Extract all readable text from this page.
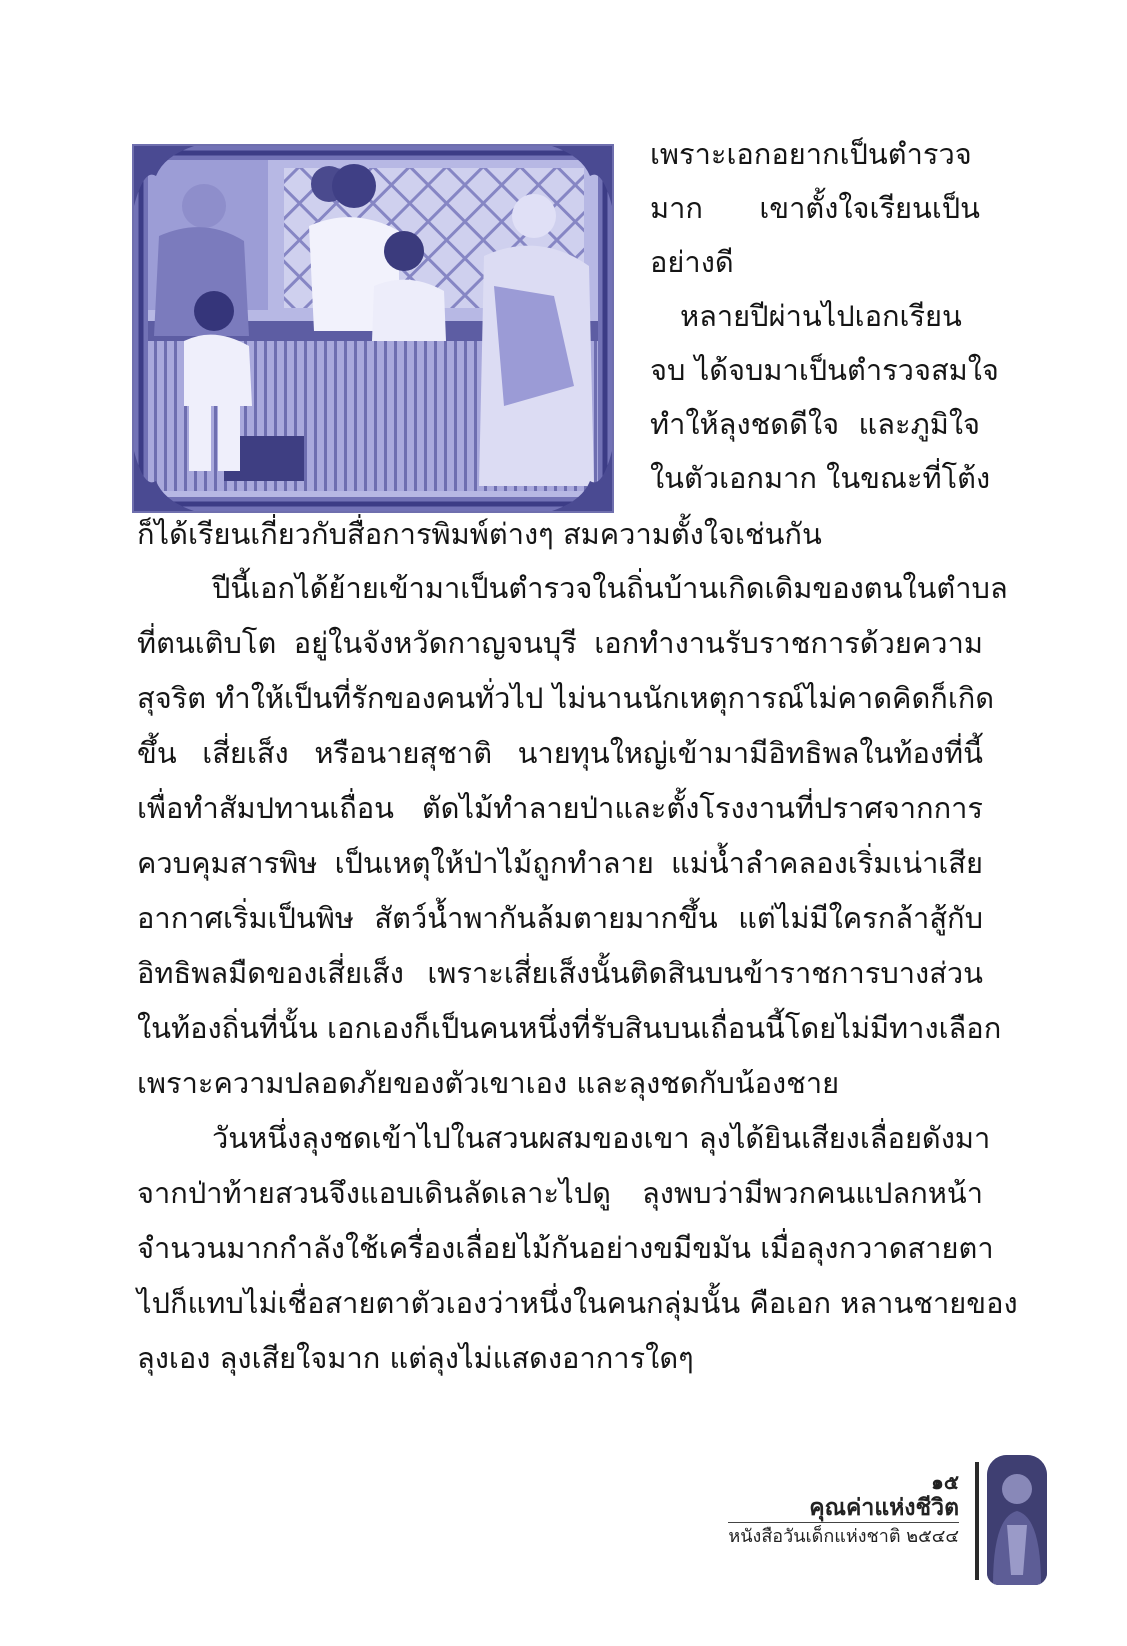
เพราะเอกอยากเป็นตำรวจ
มาก เขาตั้งใจเรียนเป็น
อย่างดี
หลายปีผ่านไปเอกเรียน
จบ ได้จบมาเป็นตำรวจสมใจ
ทำให้ลุงชดดีใจ และภูมิใจ
ในตัวเอกมาก ในขณะที่โต้ง
ก็ได้เรียนเกี่ยวกับสื่อการพิมพ์ต่างๆ สมความตั้งใจเช่นกัน
ปีนี้เอกได้ย้ายเข้ามาเป็นตำรวจในถิ่นบ้านเกิดเดิมของตนในตำบล
ที่ตนเติบโต อยู่ในจังหวัดกาญจนบุรี เอกทำงานรับราชการด้วยความ
สุจริต ทำให้เป็นที่รักของคนทั่วไป ไม่นานนักเหตุการณ์ไม่คาดคิดก็เกิด
ขึ้น เสี่ยเส็ง หรือนายสุชาติ นายทุนใหญ่เข้ามามีอิทธิพลในท้องที่นี้
เพื่อทำสัมปทานเถื่อน ตัดไม้ทำลายป่าและตั้งโรงงานที่ปราศจากการ
ควบคุมสารพิษ เป็นเหตุให้ป่าไม้ถูกทำลาย แม่น้ำลำคลองเริ่มเน่าเสีย
อากาศเริ่มเป็นพิษ สัตว์น้ำพากันล้มตายมากขึ้น แต่ไม่มีใครกล้าสู้กับ
อิทธิพลมืดของเสี่ยเส็ง เพราะเสี่ยเส็งนั้นติดสินบนข้าราชการบางส่วน
ในท้องถิ่นที่นั้น เอกเองก็เป็นคนหนึ่งที่รับสินบนเถื่อนนี้โดยไม่มีทางเลือก
เพราะความปลอดภัยของตัวเขาเอง และลุงชดกับน้องชาย
วันหนึ่งลุงชดเข้าไปในสวนผสมของเขา ลุงได้ยินเสียงเลื่อยดังมา
จากป่าท้ายสวนจึงแอบเดินลัดเลาะไปดู ลุงพบว่ามีพวกคนแปลกหน้า
จำนวนมากกำลังใช้เครื่องเลื่อยไม้กันอย่างขมีขมัน เมื่อลุงกวาดสายตา
ไปก็แทบไม่เชื่อสายตาตัวเองว่าหนึ่งในคนกลุ่มนั้น คือเอก หลานชายของ
ลุงเอง ลุงเสียใจมาก แต่ลุงไม่แสดงอาการใดๆ
๑๕
คุณค่าแห่งชีวิต
หนังสือวันเด็กแห่งชาติ ๒๕๔๔
